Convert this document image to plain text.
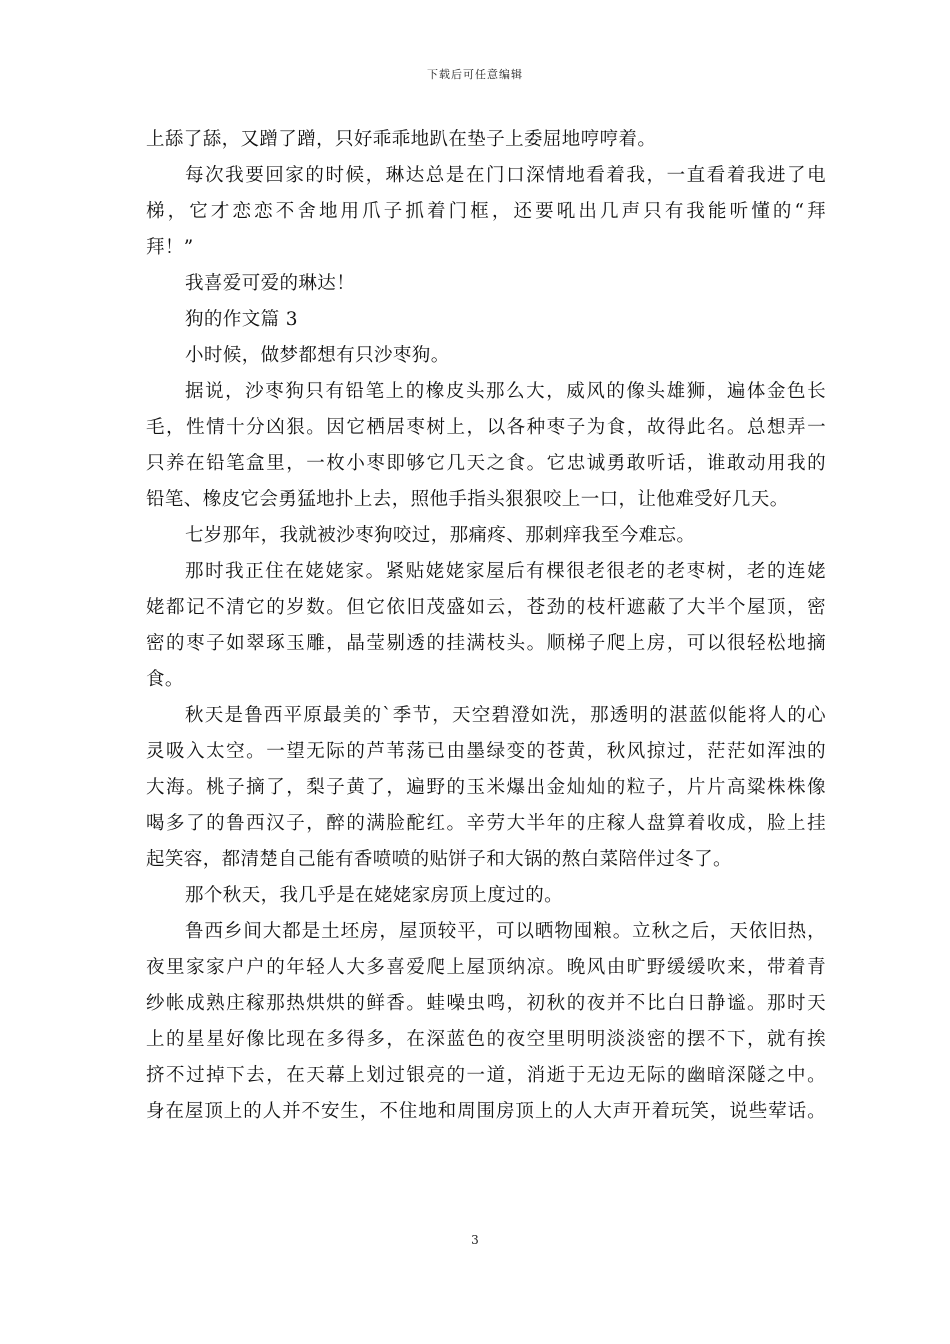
下载后可任意编辑
上舔了舔，又蹭了蹭，只好乖乖地趴在垫子上委屈地哼哼着。
每次我要回家的时候，琳达总是在门口深情地看着我，一直看着我进了电
梯，它才恋恋不舍地用爪子抓着门框，还要吼出几声只有我能听懂的“拜
拜！”
我喜爱可爱的琳达！
狗的作文篇 3
小时候，做梦都想有只沙枣狗。
据说，沙枣狗只有铅笔上的橡皮头那么大，威风的像头雄狮，遍体金色长
毛，性情十分凶狠。因它栖居枣树上，以各种枣子为食，故得此名。总想弄一
只养在铅笔盒里，一枚小枣即够它几天之食。它忠诚勇敢听话，谁敢动用我的
铅笔、橡皮它会勇猛地扑上去，照他手指头狠狠咬上一口，让他难受好几天。
七岁那年，我就被沙枣狗咬过，那痛疼、那刺痒我至今难忘。
那时我正住在姥姥家。紧贴姥姥家屋后有棵很老很老的老枣树，老的连姥
姥都记不清它的岁数。但它依旧茂盛如云，苍劲的枝杆遮蔽了大半个屋顶，密
密的枣子如翠琢玉雕，晶莹剔透的挂满枝头。顺梯子爬上房，可以很轻松地摘
食。
秋天是鲁西平原最美的`季节，天空碧澄如洗，那透明的湛蓝似能将人的心
灵吸入太空。一望无际的芦苇荡已由墨绿变的苍黄，秋风掠过，茫茫如浑浊的
大海。桃子摘了，梨子黄了，遍野的玉米爆出金灿灿的粒子，片片高粱株株像
喝多了的鲁西汉子，醉的满脸酡红。辛劳大半年的庄稼人盘算着收成，脸上挂
起笑容，都清楚自己能有香喷喷的贴饼子和大锅的熬白菜陪伴过冬了。
那个秋天，我几乎是在姥姥家房顶上度过的。
鲁西乡间大都是土坯房，屋顶较平，可以晒物囤粮。立秋之后，天依旧热，
夜里家家户户的年轻人大多喜爱爬上屋顶纳凉。晚风由旷野缓缓吹来，带着青
纱帐成熟庄稼那热烘烘的鲜香。蛙噪虫鸣，初秋的夜并不比白日静谧。那时天
上的星星好像比现在多得多，在深蓝色的夜空里明明淡淡密的摆不下，就有挨
挤不过掉下去，在天幕上划过银亮的一道，消逝于无边无际的幽暗深隧之中。
身在屋顶上的人并不安生，不住地和周围房顶上的人大声开着玩笑，说些荤话。
3
